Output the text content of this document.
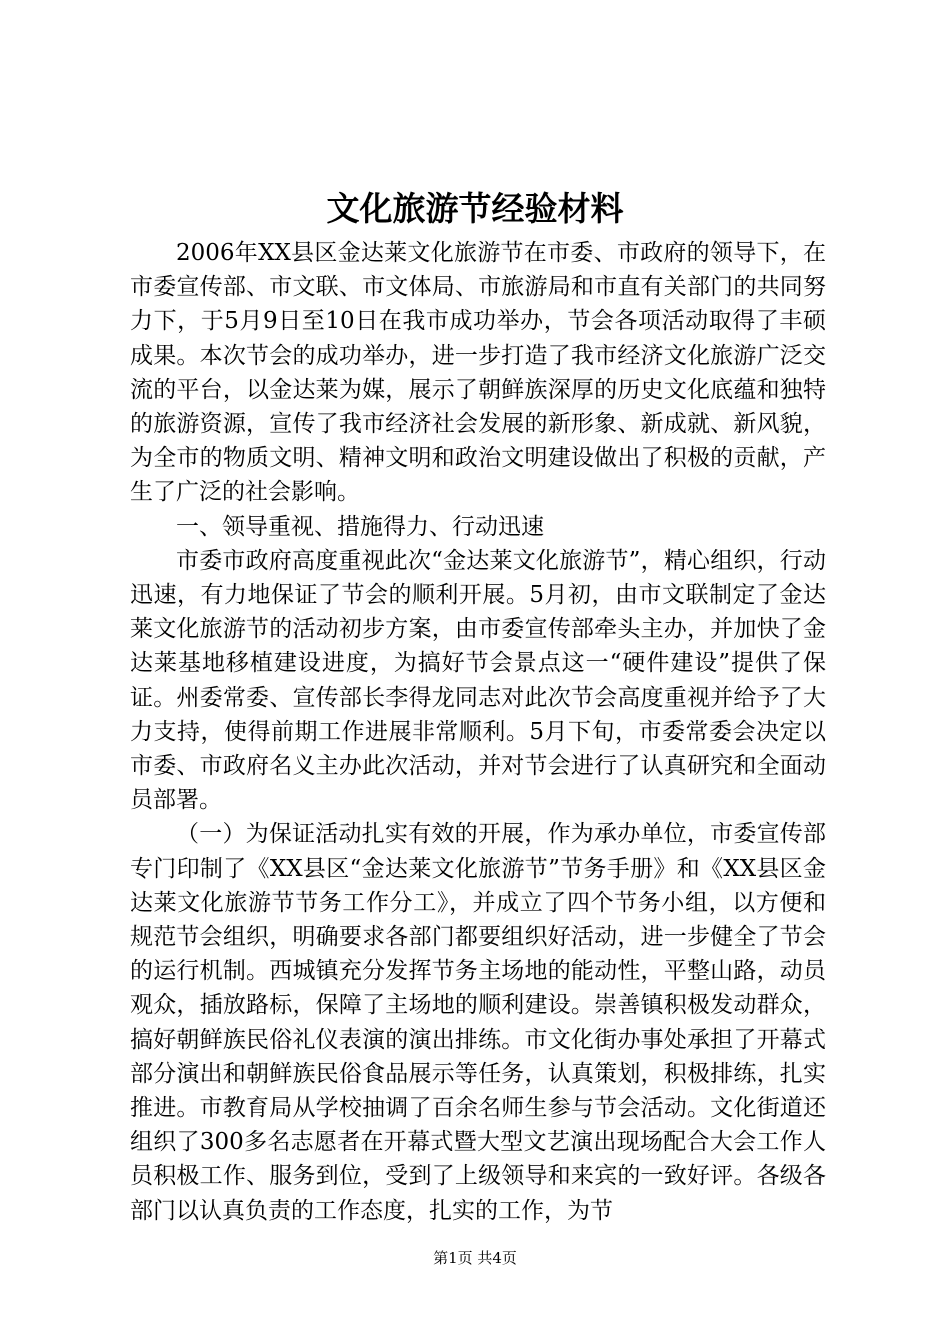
文化旅游节经验材料

2006年XX县区金达莱文化旅游节在市委、市政府的领导下，在市委宣传部、市文联、市文体局、市旅游局和市直有关部门的共同努力下，于5月9日至10日在我市成功举办，节会各项活动取得了丰硕成果。本次节会的成功举办，进一步打造了我市经济文化旅游广泛交流的平台，以金达莱为媒，展示了朝鲜族深厚的历史文化底蕴和独特的旅游资源，宣传了我市经济社会发展的新形象、新成就、新风貌，为全市的物质文明、精神文明和政治文明建设做出了积极的贡献，产生了广泛的社会影响。

一、领导重视、措施得力、行动迅速

市委市政府高度重视此次“金达莱文化旅游节”，精心组织，行动迅速，有力地保证了节会的顺利开展。5月初，由市文联制定了金达莱文化旅游节的活动初步方案，由市委宣传部牵头主办，并加快了金达莱基地移植建设进度，为搞好节会景点这一“硬件建设”提供了保证。州委常委、宣传部长李得龙同志对此次节会高度重视并给予了大力支持，使得前期工作进展非常顺利。5月下旬，市委常委会决定以市委、市政府名义主办此次活动，并对节会进行了认真研究和全面动员部署。

（一）为保证活动扎实有效的开展，作为承办单位，市委宣传部专门印制了《XX县区“金达莱文化旅游节”节务手册》和《XX县区金达莱文化旅游节节务工作分工》，并成立了四个节务小组，以方便和规范节会组织，明确要求各部门都要组织好活动，进一步健全了节会的运行机制。西城镇充分发挥节务主场地的能动性，平整山路，动员观众，插放路标，保障了主场地的顺利建设。崇善镇积极发动群众，搞好朝鲜族民俗礼仪表演的演出排练。市文化街办事处承担了开幕式部分演出和朝鲜族民俗食品展示等任务，认真策划，积极排练，扎实推进。市教育局从学校抽调了百余名师生参与节会活动。文化街道还组织了300多名志愿者在开幕式暨大型文艺演出现场配合大会工作人员积极工作、服务到位，受到了上级领导和来宾的一致好评。各级各部门以认真负责的工作态度，扎实的工作，为节

第1页 共4页
